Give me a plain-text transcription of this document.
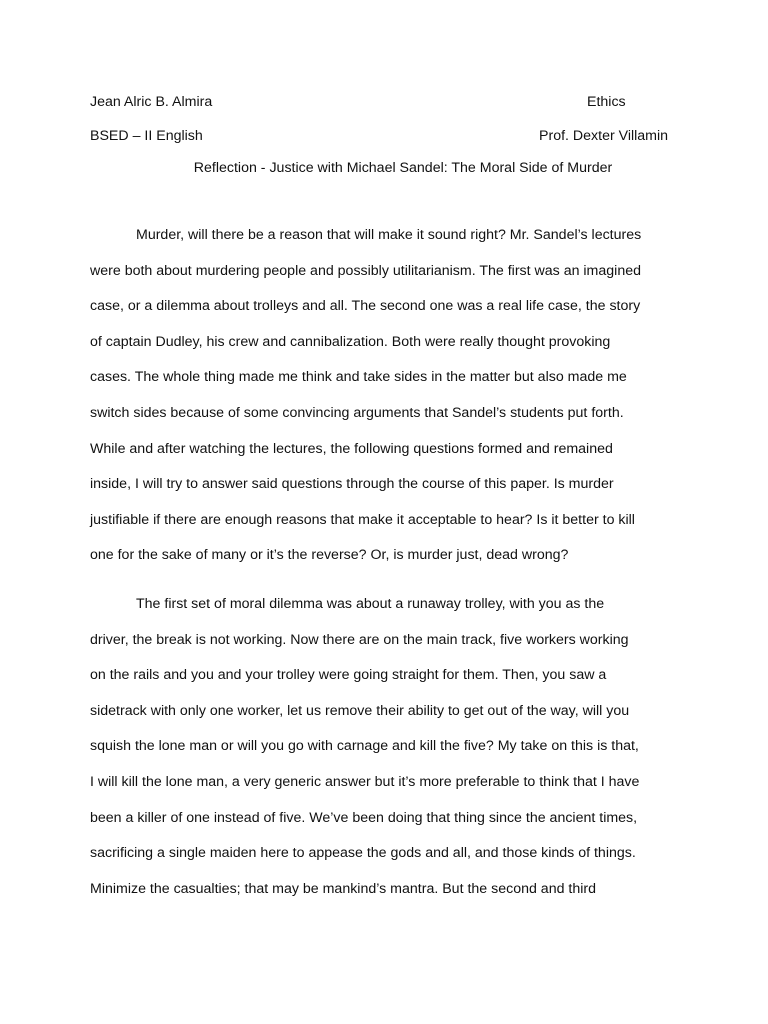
Jean Alric B. Almira	Ethics
BSED – II English	Prof. Dexter Villamin
Reflection - Justice with Michael Sandel: The Moral Side of Murder
Murder, will there be a reason that will make it sound right? Mr. Sandel’s lectures
were both about murdering people and possibly utilitarianism. The first was an imagined
case, or a dilemma about trolleys and all. The second one was a real life case, the story
of captain Dudley, his crew and cannibalization. Both were really thought provoking
cases. The whole thing made me think and take sides in the matter but also made me
switch sides because of some convincing arguments that Sandel’s students put forth.
While and after watching the lectures, the following questions formed and remained
inside, I will try to answer said questions through the course of this paper. Is murder
justifiable if there are enough reasons that make it acceptable to hear? Is it better to kill
one for the sake of many or it’s the reverse? Or, is murder just, dead wrong?
The first set of moral dilemma was about a runaway trolley, with you as the
driver, the break is not working. Now there are on the main track, five workers working
on the rails and you and your trolley were going straight for them. Then, you saw a
sidetrack with only one worker, let us remove their ability to get out of the way, will you
squish the lone man or will you go with carnage and kill the five? My take on this is that,
I will kill the lone man, a very generic answer but it’s more preferable to think that I have
been a killer of one instead of five. We’ve been doing that thing since the ancient times,
sacrificing a single maiden here to appease the gods and all, and those kinds of things.
Minimize the casualties; that may be mankind’s mantra. But the second and third
